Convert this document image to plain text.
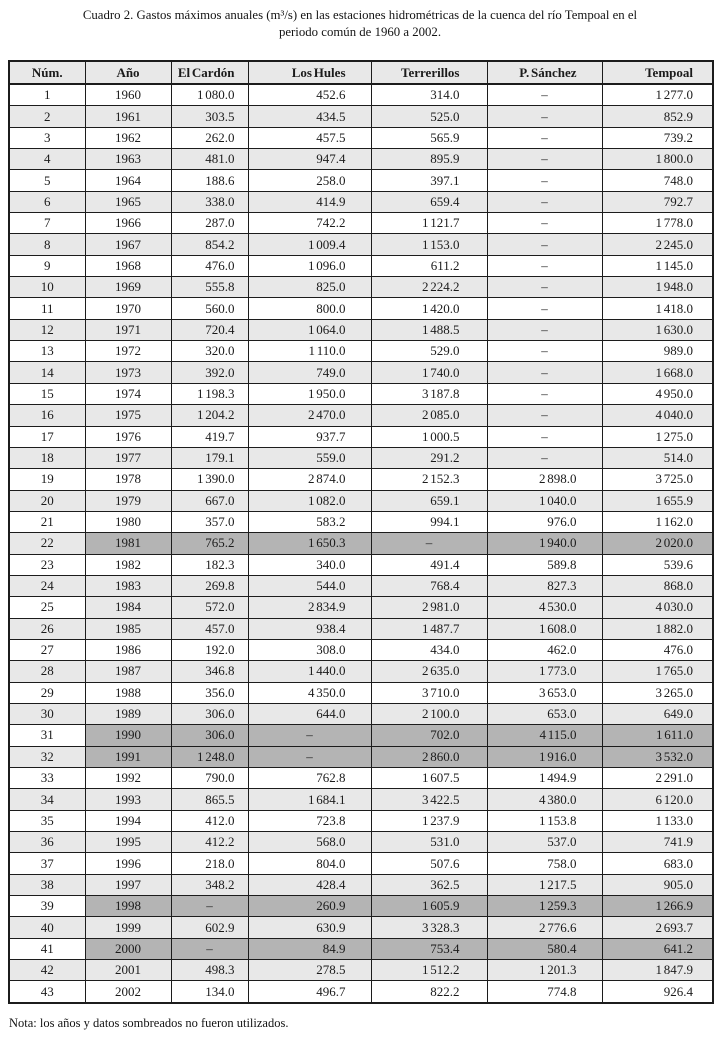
Cuadro 2. Gastos máximos anuales (m³/s) en las estaciones hidrométricas de la cuenca del río Tempoal en el
periodo común de 1960 a 2002.
Núm.	Año	El Cardón	Los Hules	Terrerillos	P. Sánchez	Tempoal
1	1960	1 080.0	452.6	314.0	–	1 277.0
2	1961	303.5	434.5	525.0	–	852.9
3	1962	262.0	457.5	565.9	–	739.2
4	1963	481.0	947.4	895.9	–	1 800.0
5	1964	188.6	258.0	397.1	–	748.0
6	1965	338.0	414.9	659.4	–	792.7
7	1966	287.0	742.2	1 121.7	–	1 778.0
8	1967	854.2	1 009.4	1 153.0	–	2 245.0
9	1968	476.0	1 096.0	611.2	–	1 145.0
10	1969	555.8	825.0	2 224.2	–	1 948.0
11	1970	560.0	800.0	1 420.0	–	1 418.0
12	1971	720.4	1 064.0	1 488.5	–	1 630.0
13	1972	320.0	1 110.0	529.0	–	989.0
14	1973	392.0	749.0	1 740.0	–	1 668.0
15	1974	1 198.3	1 950.0	3 187.8	–	4 950.0
16	1975	1 204.2	2 470.0	2 085.0	–	4 040.0
17	1976	419.7	937.7	1 000.5	–	1 275.0
18	1977	179.1	559.0	291.2	–	514.0
19	1978	1 390.0	2 874.0	2 152.3	2 898.0	3 725.0
20	1979	667.0	1 082.0	659.1	1 040.0	1 655.9
21	1980	357.0	583.2	994.1	976.0	1 162.0
22	1981	765.2	1 650.3	–	1 940.0	2 020.0
23	1982	182.3	340.0	491.4	589.8	539.6
24	1983	269.8	544.0	768.4	827.3	868.0
25	1984	572.0	2 834.9	2 981.0	4 530.0	4 030.0
26	1985	457.0	938.4	1 487.7	1 608.0	1 882.0
27	1986	192.0	308.0	434.0	462.0	476.0
28	1987	346.8	1 440.0	2 635.0	1 773.0	1 765.0
29	1988	356.0	4 350.0	3 710.0	3 653.0	3 265.0
30	1989	306.0	644.0	2 100.0	653.0	649.0
31	1990	306.0	–	702.0	4 115.0	1 611.0
32	1991	1 248.0	–	2 860.0	1 916.0	3 532.0
33	1992	790.0	762.8	1 607.5	1 494.9	2 291.0
34	1993	865.5	1 684.1	3 422.5	4 380.0	6 120.0
35	1994	412.0	723.8	1 237.9	1 153.8	1 133.0
36	1995	412.2	568.0	531.0	537.0	741.9
37	1996	218.0	804.0	507.6	758.0	683.0
38	1997	348.2	428.4	362.5	1 217.5	905.0
39	1998	–	260.9	1 605.9	1 259.3	1 266.9
40	1999	602.9	630.9	3 328.3	2 776.6	2 693.7
41	2000	–	84.9	753.4	580.4	641.2
42	2001	498.3	278.5	1 512.2	1 201.3	1 847.9
43	2002	134.0	496.7	822.2	774.8	926.4
Nota: los años y datos sombreados no fueron utilizados.
